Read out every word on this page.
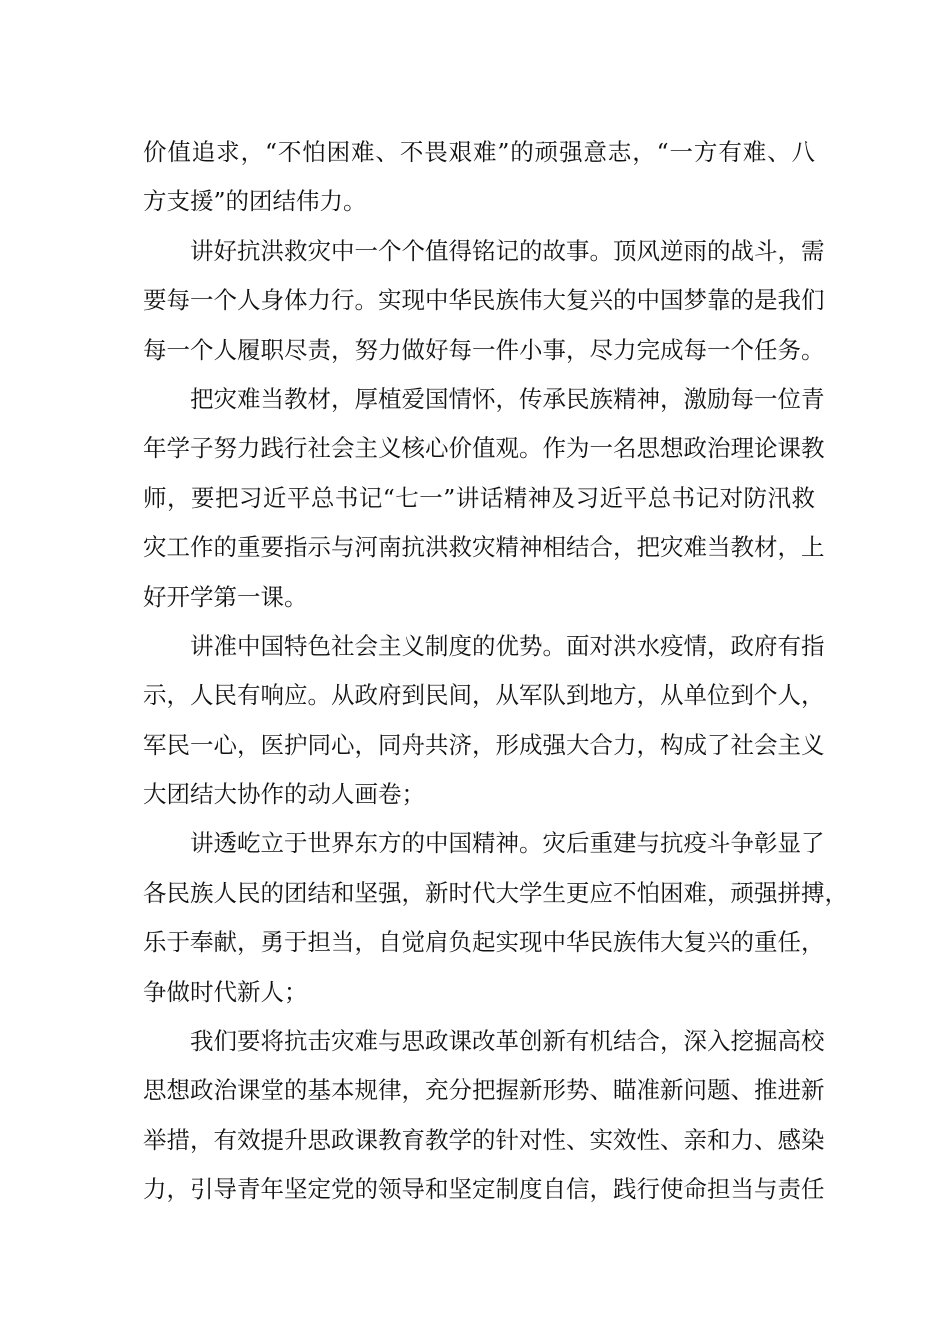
价值追求，“不怕困难、不畏艰难”的顽强意志，“一方有难、八
方支援”的团结伟力。
讲好抗洪救灾中一个个值得铭记的故事。顶风逆雨的战斗，需
要每一个人身体力行。实现中华民族伟大复兴的中国梦靠的是我们
每一个人履职尽责，努力做好每一件小事，尽力完成每一个任务。
把灾难当教材，厚植爱国情怀，传承民族精神，激励每一位青
年学子努力践行社会主义核心价值观。作为一名思想政治理论课教
师，要把习近平总书记“七一”讲话精神及习近平总书记对防汛救
灾工作的重要指示与河南抗洪救灾精神相结合，把灾难当教材，上
好开学第一课。
讲准中国特色社会主义制度的优势。面对洪水疫情，政府有指
示，人民有响应。从政府到民间，从军队到地方，从单位到个人，
军民一心，医护同心，同舟共济，形成强大合力，构成了社会主义
大团结大协作的动人画卷；
讲透屹立于世界东方的中国精神。灾后重建与抗疫斗争彰显了
各民族人民的团结和坚强，新时代大学生更应不怕困难，顽强拼搏，
乐于奉献，勇于担当，自觉肩负起实现中华民族伟大复兴的重任，
争做时代新人；
我们要将抗击灾难与思政课改革创新有机结合，深入挖掘高校
思想政治课堂的基本规律，充分把握新形势、瞄准新问题、推进新
举措，有效提升思政课教育教学的针对性、实效性、亲和力、感染
力，引导青年坚定党的领导和坚定制度自信，践行使命担当与责任
